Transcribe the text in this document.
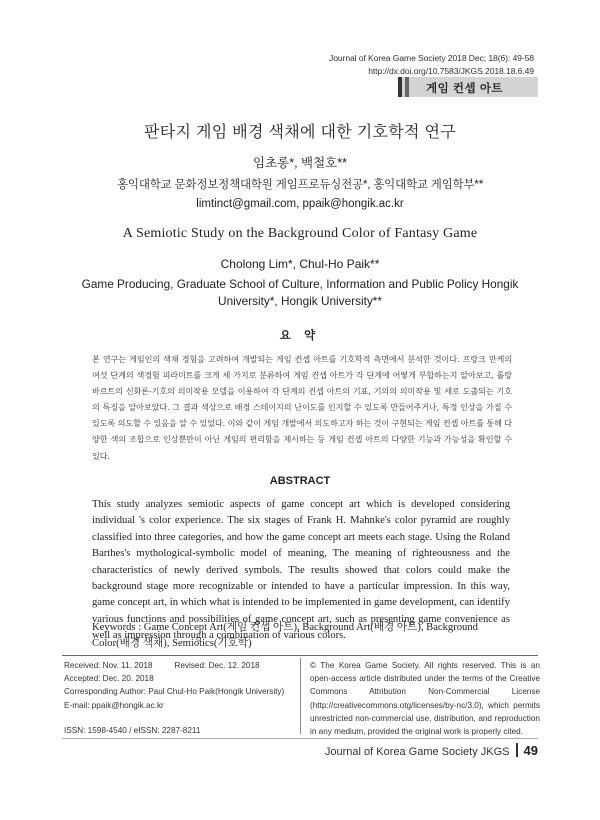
Journal of Korea Game Society 2018 Dec; 18(6): 49-58
http://dx.doi.org/10.7583/JKGS.2018.18.6.49
게임 컨셉 아트
판타지 게임 배경 색채에 대한 기호학적 연구
임초롱*, 백철호**
홍익대학교 문화정보정책대학원 게임프로듀싱전공*, 홍익대학교 게임학부**
limtinct@gmail.com, ppaik@hongik.ac.kr
A Semiotic Study on the Background Color of Fantasy Game
Cholong Lim*, Chul-Ho Paik**
Game Producing, Graduate School of Culture, Information and Public Policy Hongik University*, Hongik University**
요 약
본 연구는 게임인의 색채 경험을 고려하여 개발되는 게임 컨셉 아트를 기호학적 측면에서 분석한 것이다. 프랑크 만케의 여섯 단계의 색경험 피라미트를 크게 세 가지로 분류하여 게임 컨셉 아트가 각 단계에 어떻게 부합하는지 알아보고, 롤랑 바르트의 신화론-기호의 의미작용 모델을 이용하여 각 단계의 컨셉 아트의 기표, 기의의 의미작용 및 새로 도출되는 기호의 특징을 알아보았다. 그 결과 색상으로 배경 스테이지의 난이도를 인지할 수 있도록 만들어주거나, 특정 인상을 가질 수 있도록 의도할 수 있음을 알 수 있었다. 이와 같이 게임 개발에서 의도하고자 하는 것이 구현되는 게임 컨셉 아트를 통해 다양한 색의 조합으로 인상뿐만이 아닌 게임의 편리함을 제시하는 등 게임 컨셉 아트의 다양한 기능과 가능성을 확인할 수 있다.
ABSTRACT
This study analyzes semiotic aspects of game concept art which is developed considering individual 's color experience. The six stages of Frank H. Mahnke's color pyramid are roughly classified into three categories, and how the game concept art meets each stage. Using the Roland Barthes's mythological-symbolic model of meaning, The meaning of righteousness and the characteristics of newly derived symbols. The results showed that colors could make the background stage more recognizable or intended to have a particular impression. In this way, game concept art, in which what is intended to be implemented in game development, can identify various functions and possibilities of game concept art, such as presenting game convenience as well as impression through a combination of various colors.
Keywords : Game Concept Art(게임 컨셉 아트), Background Art(배경 아트), Background Color(배경 색채), Semiotics(기호학)
Received: Nov. 11. 2018	Revised: Dec. 12. 2018
Accepted: Dec. 20. 2018
Corresponding Author: Paul Chul-Ho Paik(Hongik University)
E-mail: ppaik@hongik.ac.kr
ISSN: 1598-4540 / eISSN: 2287-8211
© The Korea Game Society. All rights reserved. This is an open-access article distributed under the terms of the Creative Commons Attribution Non-Commercial License (http://creativecommons.otg/licenses/by-nc/3.0), which permits unrestricted non-commercial use, distribution, and reproduction in any medium, provided the original work is properly cited.
Journal of Korea Game Society JKGS 49
